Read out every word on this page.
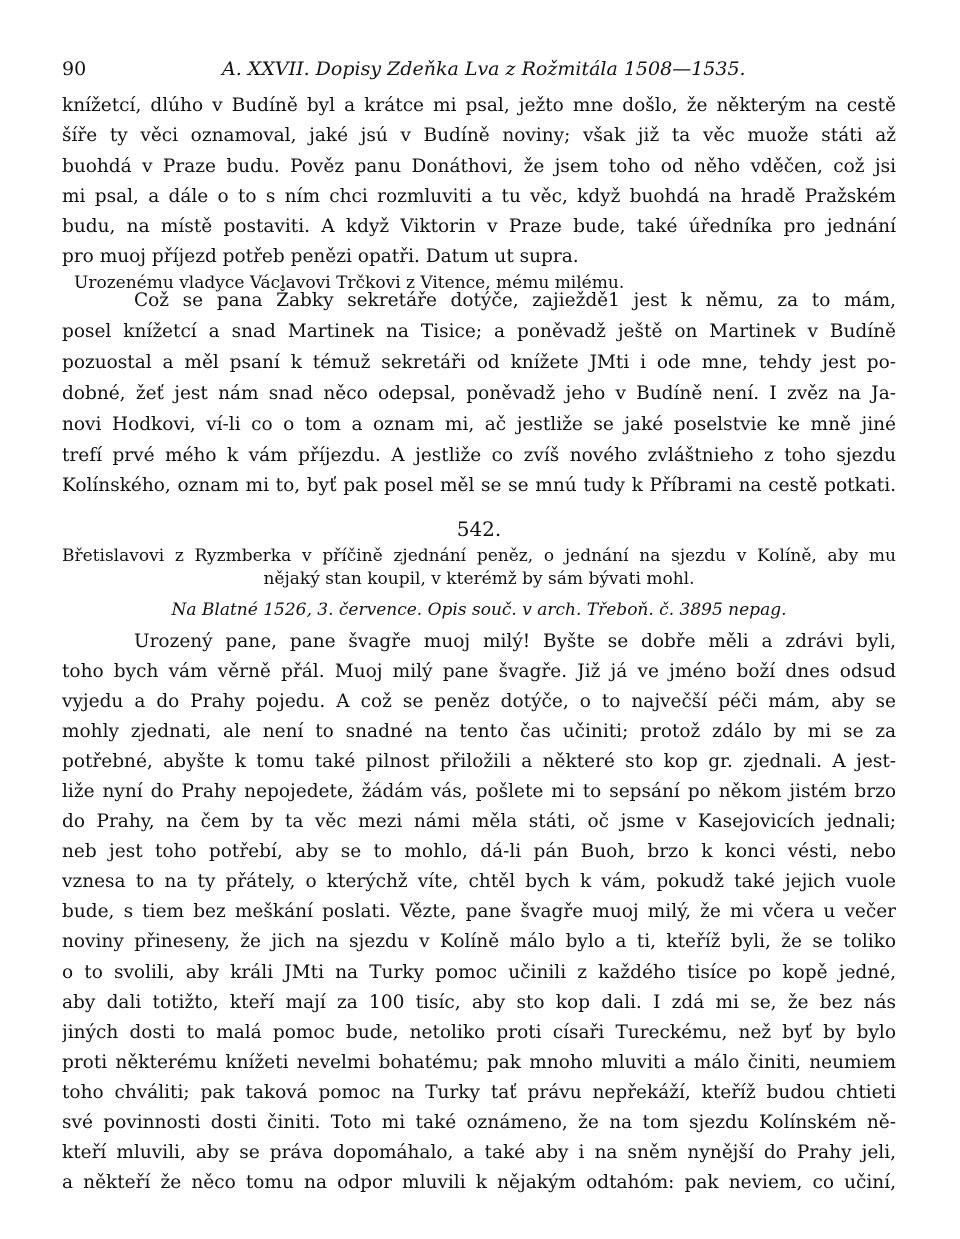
90	A. XXVII. Dopisy Zdeňka Lva z Rožmitála 1508—1535.
knížetcí, dlúho v Budíně byl a krátce mi psal, ježto mne došlo, že některým na cestě
šíře ty věci oznamoval, jaké jsú v Budíně noviny; však již ta věc muože státi až
buohdá v Praze budu. Pověz panu Donáthovi, že jsem toho od něho vděčen, což jsi
mi psal, a dále o to s ním chci rozmluviti a tu věc, když buohdá na hradě Pražském
budu, na místě postaviti. A když Viktorin v Praze bude, také úředníka pro jednání
pro muoj příjezd potřeb penězi opatři. Datum ut supra.
Urozenému vladyce Václavovi Trčkovi z Vitence, mému milému.
Což se pana Žabky sekretáře dotýče, zajieždě1 jest k němu, za to mám,
posel knížetcí a snad Martinek na Tisice; a poněvadž ještě on Martinek v Budíně
pozuostal a měl psaní k témuž sekretáři od knížete JMti i ode mne, tehdy jest po-
dobné, žeť jest nám snad něco odepsal, poněvadž jeho v Budíně není. I zvěz na Ja-
novi Hodkovi, ví-li co o tom a oznam mi, ač jestliže se jaké poselstvie ke mně jiné
trefí prvé mého k vám příjezdu. A jestliže co zvíš nového zvláštnieho z toho sjezdu
Kolínského, oznam mi to, byť pak posel měl se se mnú tudy k Příbrami na cestě potkati.
542.
Břetislavovi z Ryzmberka v příčině zjednání peněz, o jednání na sjezdu v Kolíně, aby mu
nějaký stan koupil, v kterémž by sám bývati mohl.
Na Blatné 1526, 3. července. Opis souč. v arch. Třeboň. č. 3895 nepag.
Urozený pane, pane švagře muoj milý! Byšte se dobře měli a zdrávi byli,
toho bych vám věrně přál. Muoj milý pane švagře. Již já ve jméno boží dnes odsud
vyjedu a do Prahy pojedu. A což se peněz dotýče, o to največší péči mám, aby se
mohly zjednati, ale není to snadné na tento čas učiniti; protož zdálo by mi se za
potřebné, abyšte k tomu také pilnost přiložili a některé sto kop gr. zjednali. A jest-
liže nyní do Prahy nepojedete, žádám vás, pošlete mi to sepsání po někom jistém brzo
do Prahy, na čem by ta věc mezi námi měla státi, oč jsme v Kasejovicích jednali;
neb jest toho potřebí, aby se to mohlo, dá-li pán Buoh, brzo k konci vésti, nebo
vznesa to na ty přátely, o kterýchž víte, chtěl bych k vám, pokudž také jejich vuole
bude, s tiem bez meškání poslati. Vězte, pane švagře muoj milý, že mi včera u večer
noviny přineseny, že jich na sjezdu v Kolíně málo bylo a ti, kteříž byli, že se toliko
o to svolili, aby králi JMti na Turky pomoc učinili z každého tisíce po kopě jedné,
aby dali totižto, kteří mají za 100 tisíc, aby sto kop dali. I zdá mi se, že bez nás
jiných dosti to malá pomoc bude, netoliko proti císaři Tureckému, než byť by bylo
proti některému knížeti nevelmi bohatému; pak mnoho mluviti a málo činiti, neumiem
toho chváliti; pak taková pomoc na Turky tať právu nepřekáží, kteříž budou chtieti
své povinnosti dosti činiti. Toto mi také oznámeno, že na tom sjezdu Kolínském ně-
kteří mluvili, aby se práva dopomáhalo, a také aby i na sněm nynější do Prahy jeli,
a někteří že něco tomu na odpor mluvili k nějakým odtahóm: pak neviem, co učiní,
